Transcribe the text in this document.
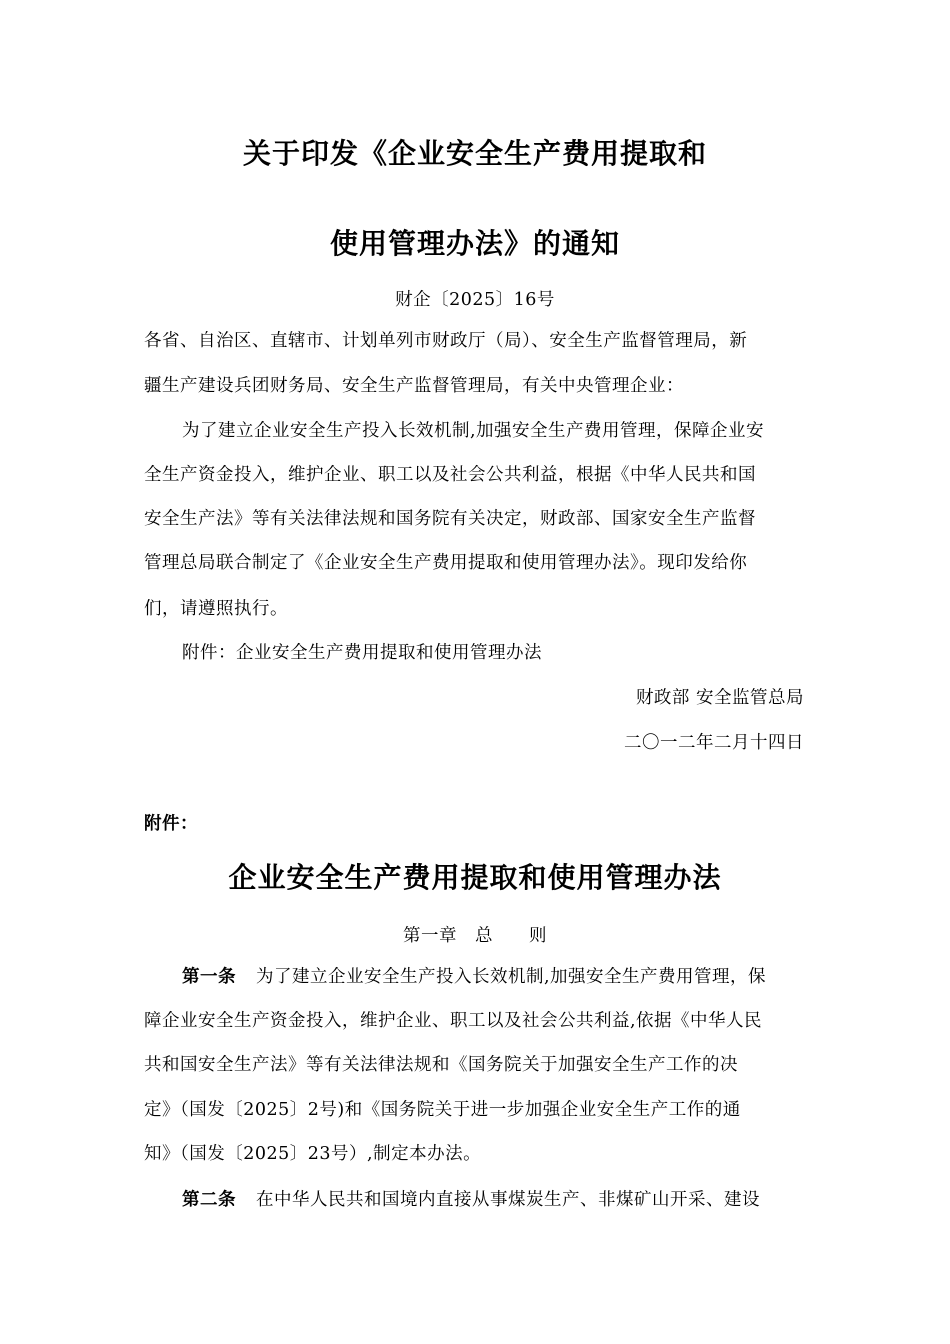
关于印发《企业安全生产费用提取和
使用管理办法》的通知
财企〔2025〕16号
各省、自治区、直辖市、计划单列市财政厅（局）、安全生产监督管理局，新
疆生产建设兵团财务局、安全生产监督管理局，有关中央管理企业：
为了建立企业安全生产投入长效机制,加强安全生产费用管理，保障企业安
全生产资金投入，维护企业、职工以及社会公共利益，根据《中华人民共和国
安全生产法》等有关法律法规和国务院有关决定，财政部、国家安全生产监督
管理总局联合制定了《企业安全生产费用提取和使用管理办法》。现印发给你
们，请遵照执行。
附件：企业安全生产费用提取和使用管理办法
财政部 安全监管总局
二〇一二年二月十四日
附件：
企业安全生产费用提取和使用管理办法
第一章　总　　则
第一条 为了建立企业安全生产投入长效机制,加强安全生产费用管理，保
障企业安全生产资金投入，维护企业、职工以及社会公共利益,依据《中华人民
共和国安全生产法》等有关法律法规和《国务院关于加强安全生产工作的决
定》（国发〔2025〕2号)和《国务院关于进一步加强企业安全生产工作的通
知》（国发〔2025〕23号）,制定本办法。
第二条 在中华人民共和国境内直接从事煤炭生产、非煤矿山开采、建设
